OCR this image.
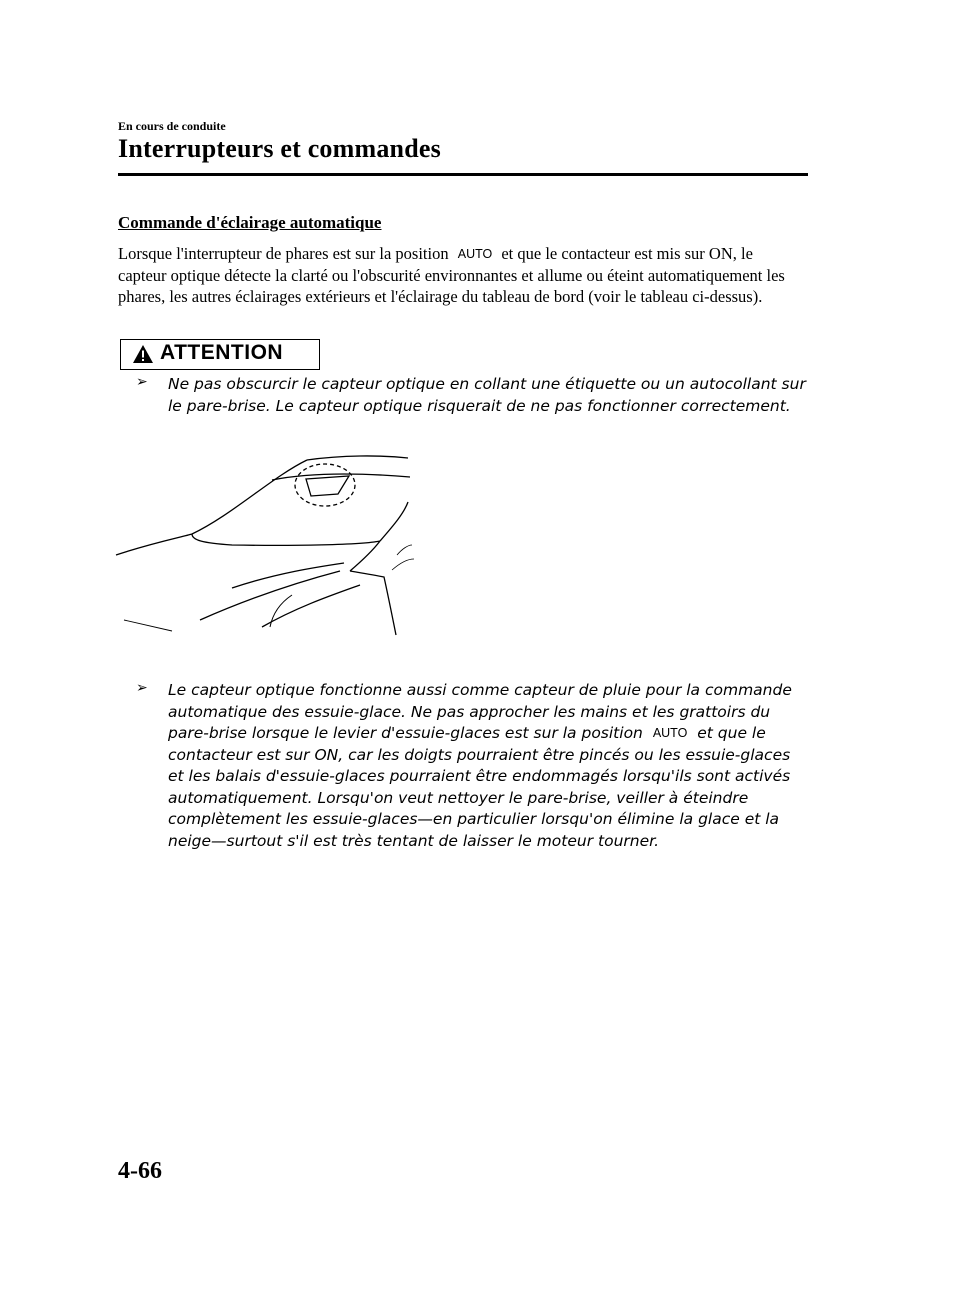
En cours de conduite
Interrupteurs et commandes
Commande d'éclairage automatique
Lorsque l'interrupteur de phares est sur la position AUTO et que le contacteur est mis sur ON, le capteur optique détecte la clarté ou l'obscurité environnantes et allume ou éteint automatiquement les phares, les autres éclairages extérieurs et l'éclairage du tableau de bord (voir le tableau ci-dessus).
ATTENTION
➢ Ne pas obscurcir le capteur optique en collant une étiquette ou un autocollant sur le pare-brise. Le capteur optique risquerait de ne pas fonctionner correctement.
➢ Le capteur optique fonctionne aussi comme capteur de pluie pour la commande automatique des essuie-glace. Ne pas approcher les mains et les grattoirs du pare-brise lorsque le levier d'essuie-glaces est sur la position AUTO et que le contacteur est sur ON, car les doigts pourraient être pincés ou les essuie-glaces et les balais d'essuie-glaces pourraient être endommagés lorsqu'ils sont activés automatiquement. Lorsqu'on veut nettoyer le pare-brise, veiller à éteindre complètement les essuie-glaces—en particulier lorsqu'on élimine la glace et la neige—surtout s'il est très tentant de laisser le moteur tourner.
4-66
